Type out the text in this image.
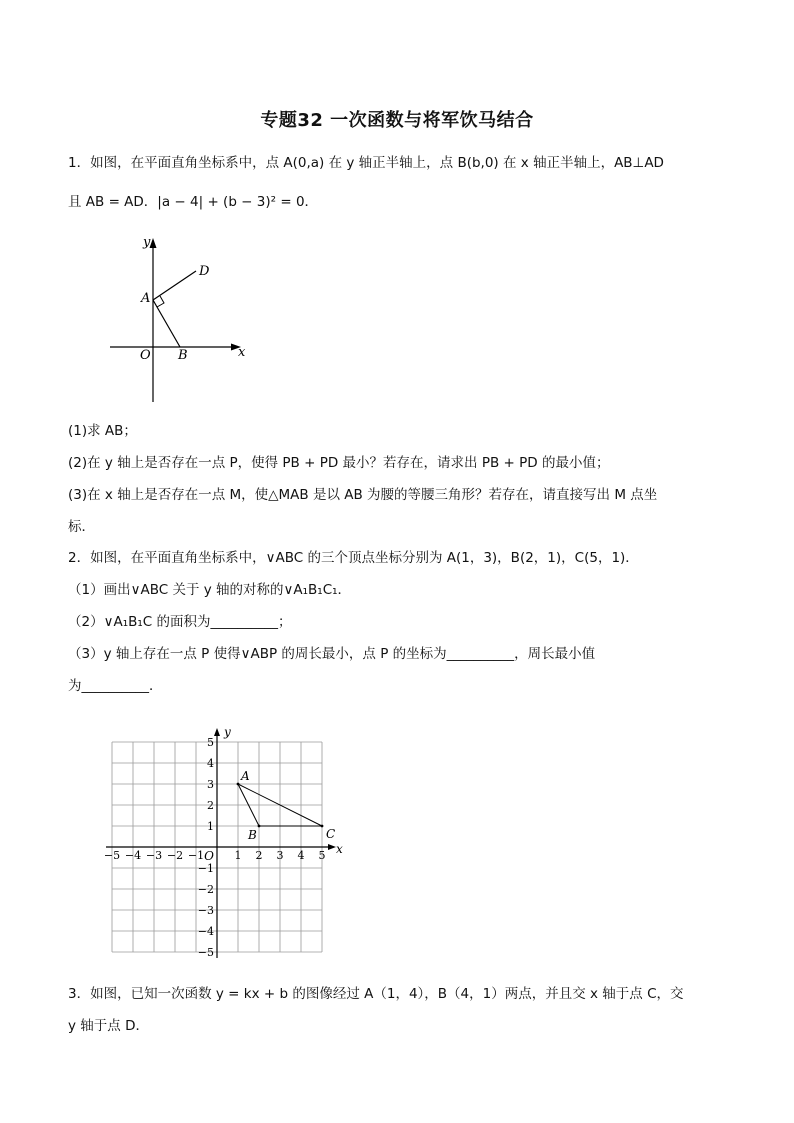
专题32 一次函数与将军饮马结合
1．如图，在平面直角坐标系中，点 A(0,a) 在 y 轴正半轴上，点 B(b,0) 在 x 轴正半轴上，AB⊥AD
且 AB = AD．|a − 4| + (b − 3)² = 0．
y
x
D
A
O B
(1)求 AB；
(2)在 y 轴上是否存在一点 P，使得 PB + PD 最小？若存在，请求出 PB + PD 的最小值；
(3)在 x 轴上是否存在一点 M，使△MAB 是以 AB 为腰的等腰三角形？若存在，请直接写出 M 点坐
标．
2．如图，在平面直角坐标系中，∨ABC 的三个顶点坐标分别为 A(1，3)，B(2，1)，C(5，1)．
（1）画出∨ABC 关于 y 轴的对称的∨A₁B₁C₁．
（2）∨A₁B₁C 的面积为__________；
（3）y 轴上存在一点 P 使得∨ABP 的周长最小，点 P 的坐标为__________，周长最小值
为__________．
x
y
−5 −4 −3 −2 −1	1 2 3 4 5
5
4
3
2
1
−1
−2
−3
−4
−5
O
A
B	C
3．如图，已知一次函数 y = kx + b 的图像经过 A（1，4），B（4，1）两点，并且交 x 轴于点 C，交
y 轴于点 D．
